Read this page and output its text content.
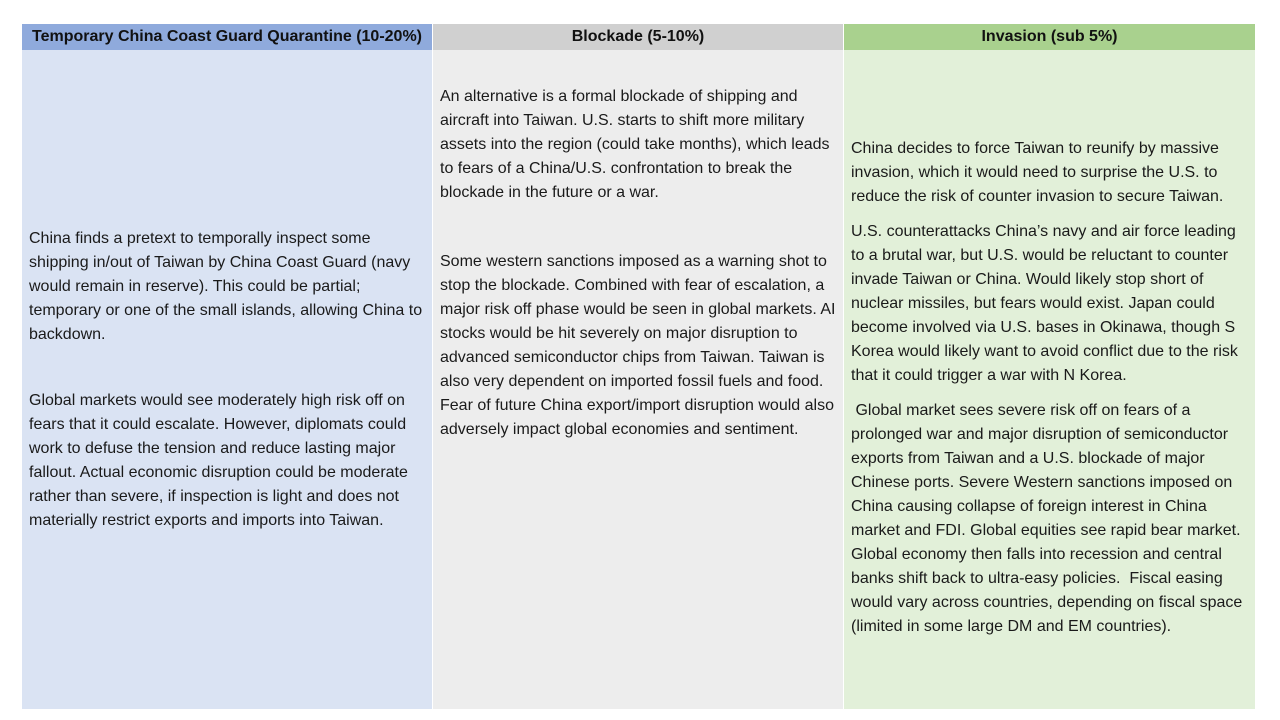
Temporary China Coast Guard Quarantine (10-20%)	Blockade (5-10%)	Invasion (sub 5%)

China finds a pretext to temporally inspect some shipping in/out of Taiwan by China Coast Guard (navy would remain in reserve). This could be partial; temporary or one of the small islands, allowing China to backdown.

Global markets would see moderately high risk off on fears that it could escalate. However, diplomats could work to defuse the tension and reduce lasting major fallout. Actual economic disruption could be moderate rather than severe, if inspection is light and does not materially restrict exports and imports into Taiwan.

An alternative is a formal blockade of shipping and aircraft into Taiwan. U.S. starts to shift more military assets into the region (could take months), which leads to fears of a China/U.S. confrontation to break the blockade in the future or a war.

Some western sanctions imposed as a warning shot to stop the blockade. Combined with fear of escalation, a major risk off phase would be seen in global markets. AI stocks would be hit severely on major disruption to advanced semiconductor chips from Taiwan. Taiwan is also very dependent on imported fossil fuels and food. Fear of future China export/import disruption would also adversely impact global economies and sentiment.

China decides to force Taiwan to reunify by massive invasion, which it would need to surprise the U.S. to reduce the risk of counter invasion to secure Taiwan.

U.S. counterattacks China’s navy and air force leading to a brutal war, but U.S. would be reluctant to counter invade Taiwan or China. Would likely stop short of nuclear missiles, but fears would exist. Japan could become involved via U.S. bases in Okinawa, though S Korea would likely want to avoid conflict due to the risk that it could trigger a war with N Korea.

Global market sees severe risk off on fears of a prolonged war and major disruption of semiconductor exports from Taiwan and a U.S. blockade of major Chinese ports. Severe Western sanctions imposed on China causing collapse of foreign interest in China market and FDI. Global equities see rapid bear market. Global economy then falls into recession and central banks shift back to ultra-easy policies.  Fiscal easing would vary across countries, depending on fiscal space (limited in some large DM and EM countries).
